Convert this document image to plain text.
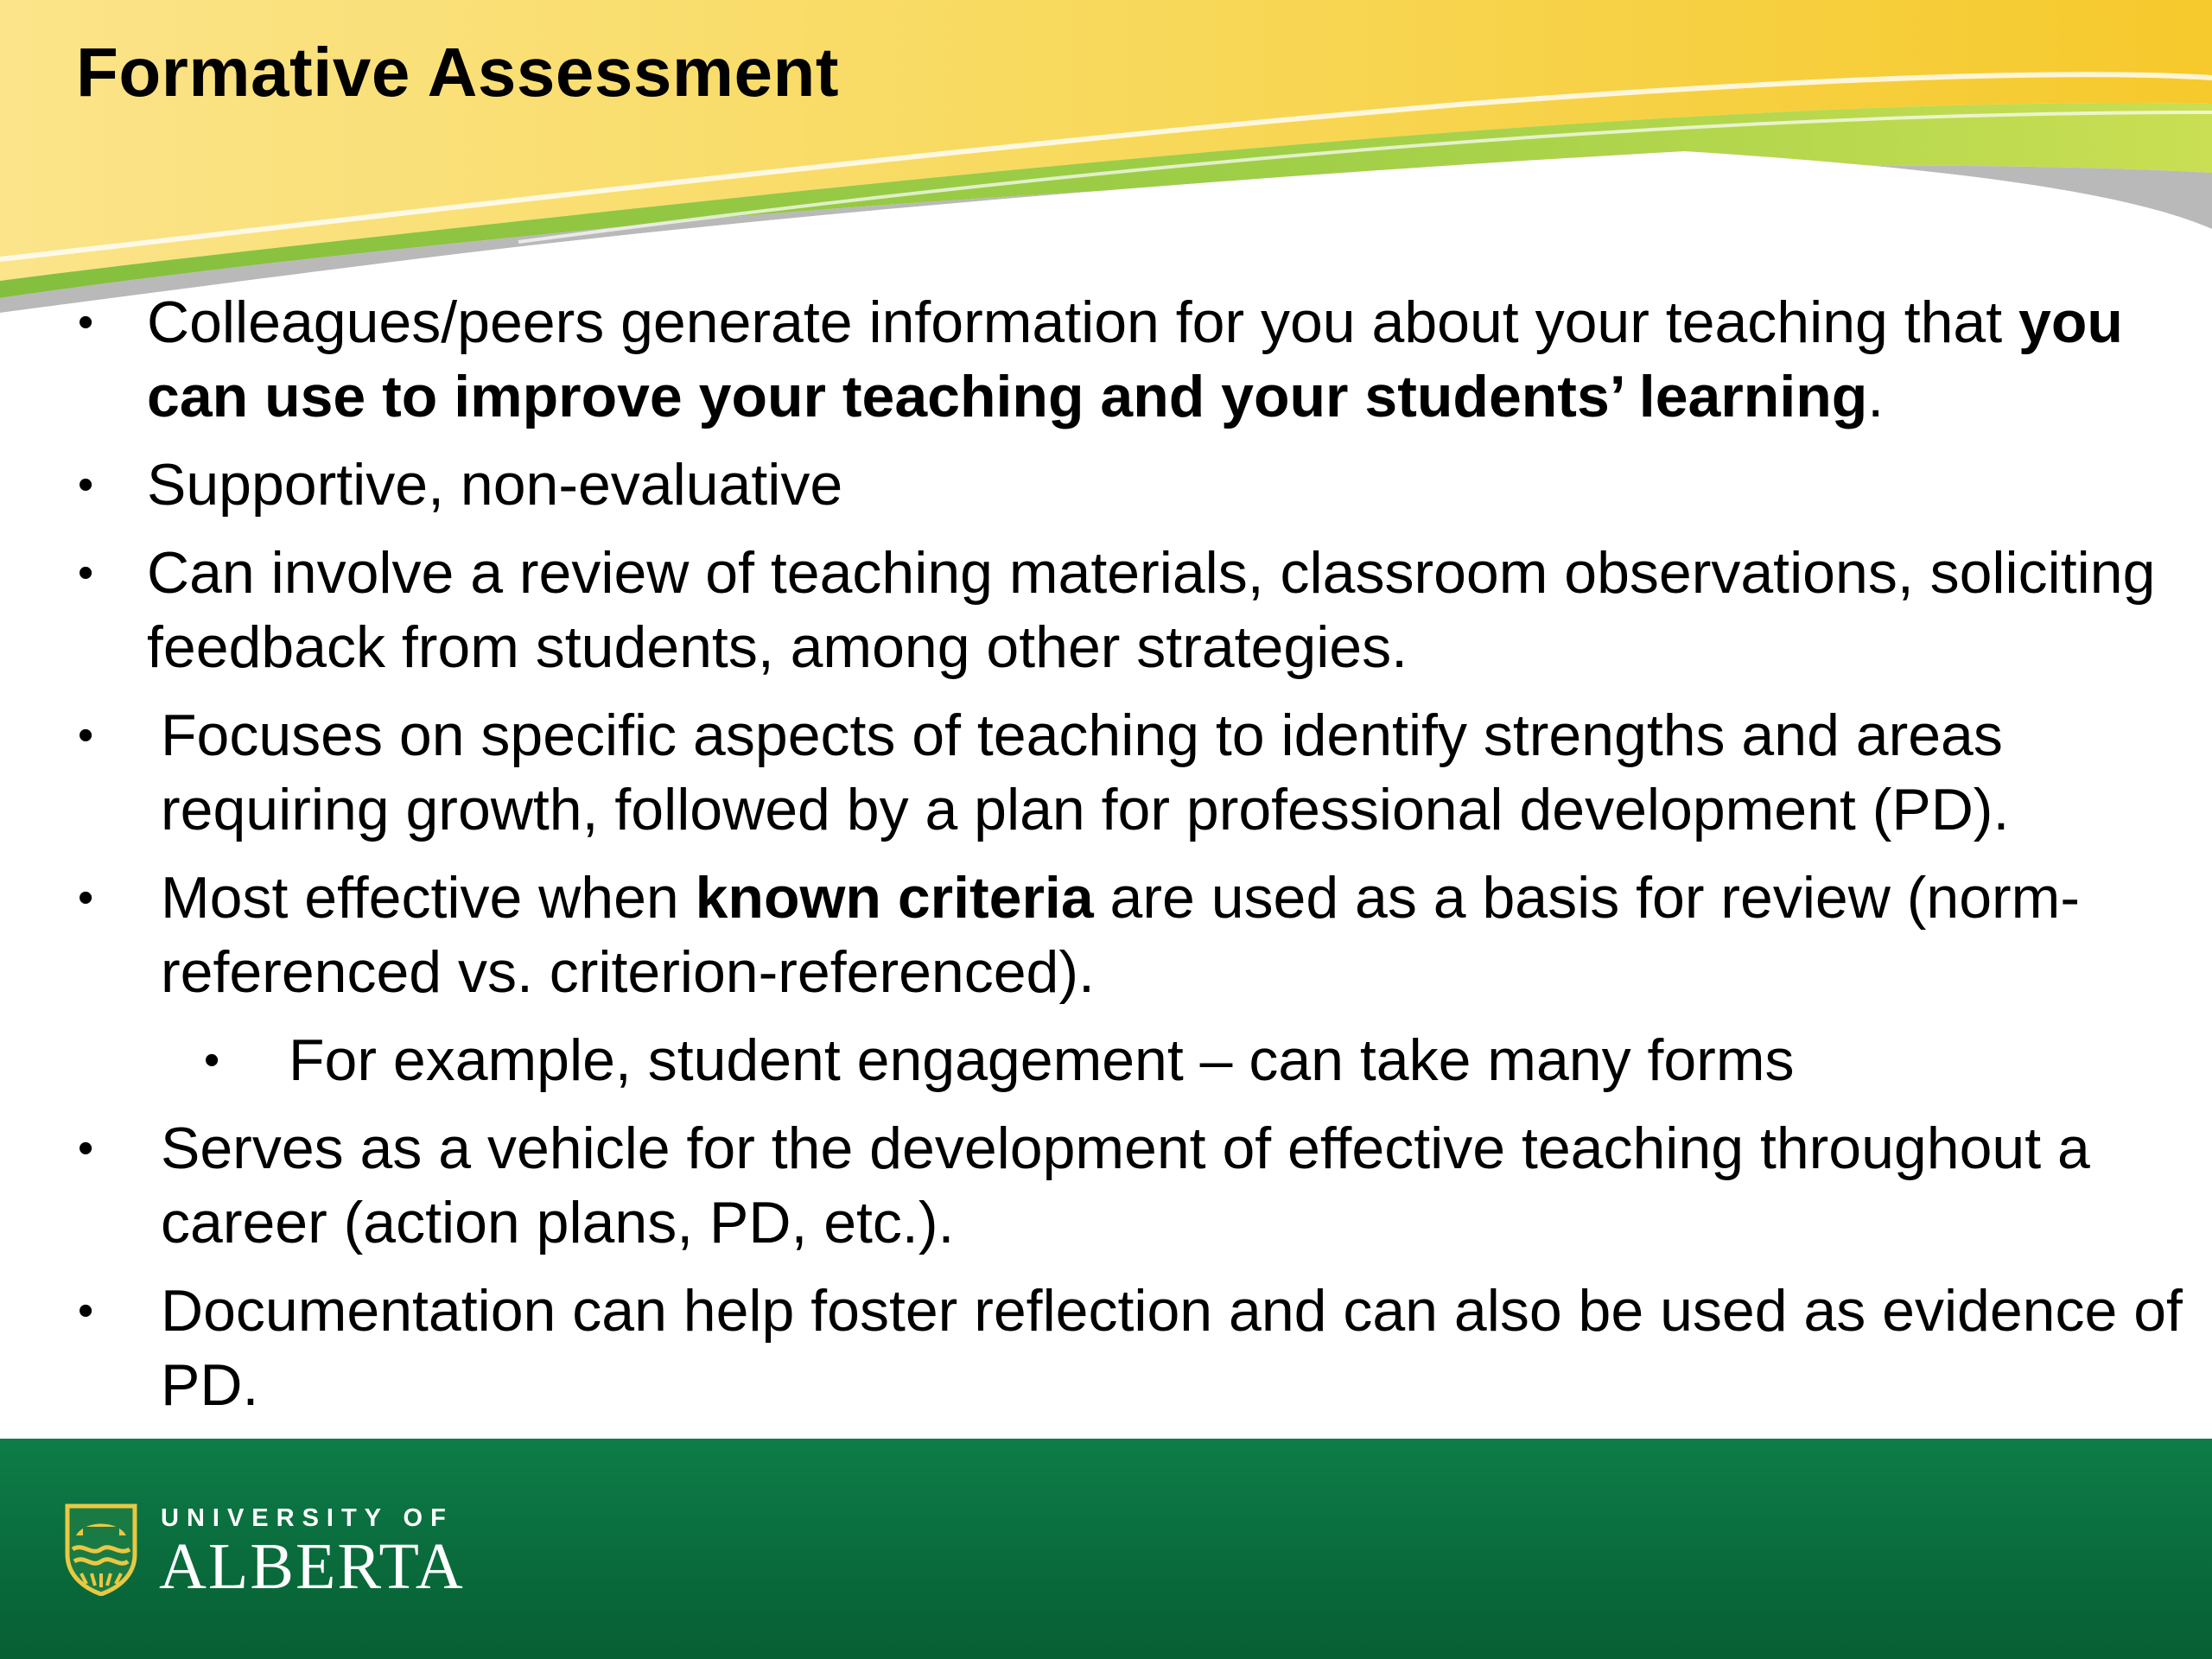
Formative Assessment
• Colleagues/peers generate information for you about your teaching that you can use to improve your teaching and your students’ learning.
• Supportive, non-evaluative
• Can involve a review of teaching materials, classroom observations, soliciting feedback from students, among other strategies.
• Focuses on specific aspects of teaching to identify strengths and areas requiring growth, followed by a plan for professional development (PD).
• Most effective when known criteria are used as a basis for review (norm-referenced vs. criterion-referenced).
• For example, student engagement – can take many forms
• Serves as a vehicle for the development of effective teaching throughout a career (action plans, PD, etc.).
• Documentation can help foster reflection and can also be used as evidence of PD.
UNIVERSITY OF
ALBERTA
